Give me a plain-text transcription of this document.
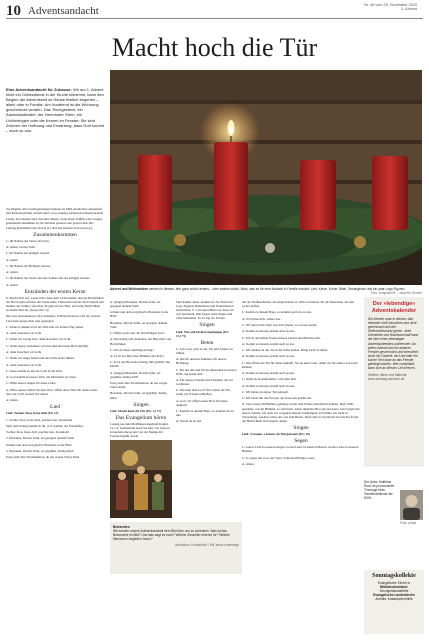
10 Adventsandacht	Nr. 48 vom 29. November 2020
1. Advent
Macht hoch die Tür
Eine Adventsandacht für Zuhause: Wir am 1. Advent nicht ein Gottesdienst in der Kirche teilnimmt, kann den Beginn der Adventszeit zu Hause festlich begehen – allein oder in Familie. Am Vorabend ist die Wohnung geschmückt worden. Das Tischgesteck, ein Adventskalender, der Herrnhuter Stern, ein Lichterbogen oder die Kerzen im Fenster: Sie sind Zeichen der Hoffnung und Erwartung, dass Gott kommt – auch zu uns.
Advent und Weihnachten werden in diesem Jahr ganz schön anders – oder anders schön. Alles, was es für eine Andacht in Familie braucht: Lied, Kerze, Krone, Bibel, Gesangbuch und ein paar Lego-Figuren.
Foto: Unsplash/R. – ideal für Kerzen

Vor Beginn: Alle Liedbegleitungen können als MP3-Audiodatei aufgerufen und heruntergeladen werden unter www.sonntag-sachsen.de/adventsandacht

Lieder, die bekannt sind, mit einer Musik, wenn keine Familie oder Gruppe gemeinsam zusammen ist, im Wechsel gelesen oder gesprochen. Die Leitung übernimmt eine Person (L) und alle anderen antworten (A).

Zusammenkommen

L: Im Namen des Vaters und Jesu,

A: Amen, Gottes Sohn,

L: im Namen des heiligen Geistes.

A: Amen.

L: Im Namen des Heiligen Geistes.

A: Amen.

L: Im Namen des Vaters und des Sohnes und des heiligen Geistes.

A: Amen.

Entzünden der ersten Kerze

E: Macht dich auf, werde licht; denn dein Licht kommt, und die Herrlichkeit des Herrn geht auf über dir! Denn siehe, Finsternis bedeckt das Erdreich und Dunkel die Völker; aber über dir geht auf der Herr, und seine Herrlichkeit erscheint über dir. (Jesaja 60,1-2)

Die erste Adventskerze wird entzündet. Während Kerzen wird der Advent-Lied dann gesprochen oder gesungen.

L: Wenn es dunkel ist in der Welt und wir keinen Weg sehen,

A: dann brauchen wir Licht.

L: Wenn wir traurig sind, dann brauchen wir Licht.

L: Wenn unsere Gedanken verwirrt sind und unser Herz unruhig,

A: dann brauchen wir Licht.

L: Wenn wir Angst haben und uns nicht sicher fühlen,

A: dann brauchen wir Licht.

L: Jesus kommt zu uns als Licht in die Welt.

A: Gott kommt in unsere Welt, die Menschen zu retten.

L: Öffne unsere Augen für deine Liebe.

A: Öffne unsere Ohren für dein Wort. Öffne unser Herz für deine Liebe, dass wir Licht werden für andere.

A: Amen.

Lied

Lied: Tochter Zion, freue dich (EG 13)

1. Tochter Zion, freue dich, jauchze laut, Jerusalem!

Sieh, dein König kommt zu dir, ja er kommt, der Friedefürst.

Tochter Zion, freue dich, jauchze laut, Jerusalem!

2. Hosianna, Davids Sohn, sei gesegnet deinem Volk!

Gründe nun dein ewig Reich, Hosianna in der Höh!

3. Hosianna, Davids Sohn, sei gegrüßet, König mild!

Ewig steht dein Friedensthron, du des ewgen Vaters Kind.

A: (singen) Hosianna, Davids Sohn, sei gesegnet deinem Volk!

Gründe nun dein ewig Reich, Hosianna in der Höh!

Hosianna, Davids Sohn, sei gesegnet deinem Volk!

L: Öffnet euch weit, ihr ehrwürdigen Tore!

A: Der König will einziehen, der Herrscher voll Herrlichkeit.

L: Wer ist dieser mächtige König?

A: Es ist der Herr über Himmel und Erde!

L: Er ist der Herrscher König, ihm gebührt alle Macht!

A: (singen) Hosianna, Davids Sohn, sei gegrüßet, König mild!

Ewig steht dein Friedensthron, du des ewgen Vaters Kind.

Hosianna, Davids Sohn, sei gegrüßet, König mild!

Singen

Lied: Macht hoch die Tür (EG 1,1+5)

Das Evangelium hören

Lesung aus dem Matthäusevangelium Kapitel 21,1-9. Gemeinsam lesen Sie nun, wie Jesus in Jerusalem einzog und von der Menge mit Freude begrüßt wurde.

Sind Kinder dabei, können sie die Szene mit Lego-Figuren, Bauklötzen und Naturmaterial nachstellen. V. 1-9 Grund-Bibel aus Jesus ritt von Jerusalem. Ihm folgen seine Jünger und viele Menschen. Es ist Tag der Freude.

Singen

Lied: Wie soll ich dich empfangen (EG 11,1+5)

Beten

L: Ach, Gott, jetzt zu dir, Tür und Fenster zu öffnen.

A: Die für unseren Kummer, für unsere Hoffnung.

L: Für uns alle und für die Menschen in unserer Nähe, die krank sind.

A: Für unsere Freunde und Familien, die wir vermissen.

L: Wie kam man Gott? Wir weiten die Tür, wenn wir Frieden schließen.

A: Gott, wir öffnen unser Herz für deine Ankunft.

L: Kommt zu diesem Haus, so kommst du zu uns.

A: Werde du zu uns.

tun der Weihnachtsfest, die Angst haben vor dem Lockdown, für die Menschen, die nun weiter hoffen.

L: Komm zu diesem Haus, so kommst auch du zu uns.

A: Wir bitten dich, erhöre uns.

L: Wir bitten dich: Herr lass dich finden, wo du uns suchst.

A: Komm zu diesem, komm auch zu uns.

L: Wer in den hellen Ecken unseres Lebens und Herzens sitzt.

A: Komm zu diesem, komm auch zu uns.

L: Wir denken an die, die in der Kälte stehen. Bring Licht zu ihnen.

A: Komm zu diesem, komm auch zu uns.

L: Wie öffnen die Tür für deine Ankunft. Sei du unser Gast, damit wir für andere Gast sein können.

A: Komm zu diesem, komm auch zu uns.

L: Wenn du hereinkommst, wird alles hell.

A: Komm zu diesem, komm auch zu uns.

L: Wir haben an deiner Tür geklopft.

L: Wir beten mit den Worten, die Jesus uns gelehrt hat.

A: Vater unser im Himmel, geheiligt werde dein Name. Dein Reich komme. Dein Wille geschehe, wie im Himmel, so auf Erden. Unser tägliches Brot gib uns heute. Und vergib uns unsere Schuld, wie auch wir vergeben unseren Schuldigern. Und führe uns nicht in Versuchung, sondern erlöse uns von dem Bösen. Denn dein ist das Reich und die Kraft und die Herrlichkeit in Ewigkeit. Amen.

Singen

Lied: O komm, o komm, du Morgenstern (EG 19)

Segen

L: Gottes Licht in unseren Augen. Gottes Liebe in unseren Herzen. Gottes Liebe in unseren Händen.

L: So segne uns Gott, der Vater, Sohn und Heiliger Geist.

A: Amen.

Der »lebendige« Adventskalender
Wir können zwar in diesem Jahr einander nicht besuchen und nicht gemeinsam auf den Weihnachtsmarkt gehen. Jede Gemeinde und Nachbarschaft kann die Idee eines lebendigen Adventskalenders aufnehmen: An jedem Abend wird ein anderes Fenster geschmückt und erleuchtet. Auch ein Gedicht, ein Lied oder ein kurzer Text kann an das Fenster gehängt werden. Wer vorbeiläuft, kann sich an diesem Licht freuen.
Weitere Ideen und Material: www.sonntag-sachsen.de
Der Autor, Matthias Rost, ist promovierter Theologe beim Gemeindedienst der EKM.
Foto: privat
Betrachten
Wir werden unsere Aufmerksamkeit dem Bild über uns zu schenken. Was ist das Besondere im Bild? Und was sagt es euch? Welche Gesichter erkennt ihr? Welche Menschen begleiten Jesus?
Illustration: Kinderbibel / Mit Jesus unterwegs
Sonntagskollekte
Evangelische Kirche in
Mitteldeutschland:
Schulgeldausfallhilfe
Evangelische Landeskirche
Anhalts: Katastrophenhilfe
